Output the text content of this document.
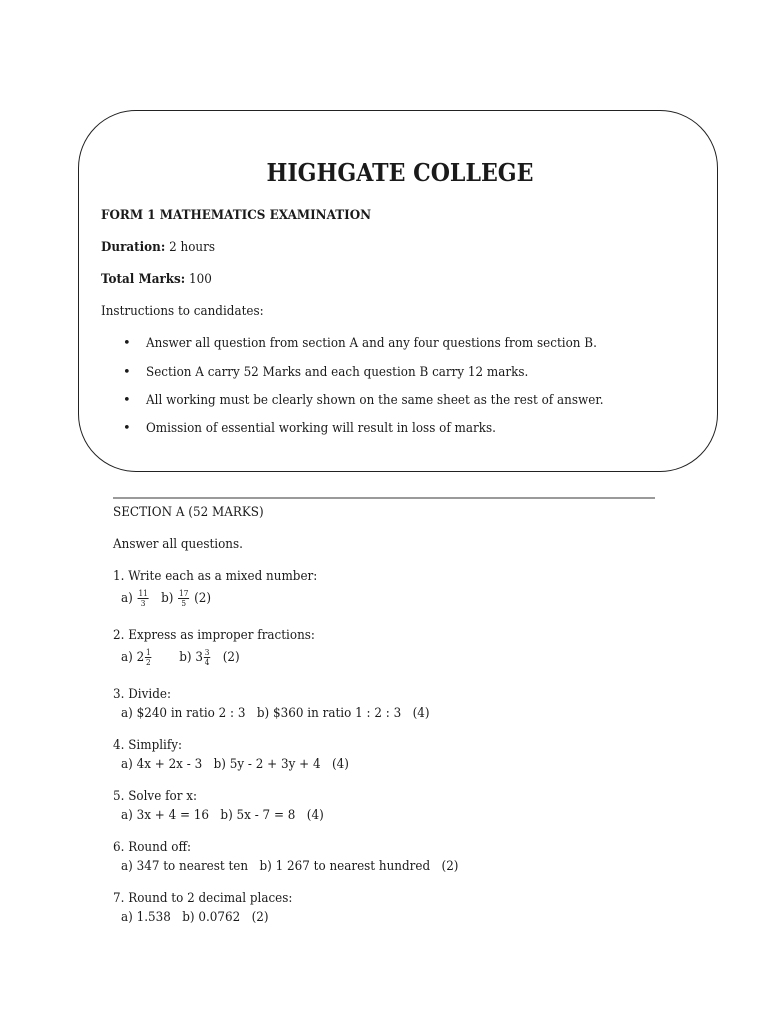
HIGHGATE COLLEGE
FORM 1 MATHEMATICS EXAMINATION
Duration: 2 hours
Total Marks: 100
Instructions to candidates:
• Answer all question from section A and any four questions from section B.
• Section A carry 52 Marks and each question B carry 12 marks.
• All working must be clearly shown on the same sheet as the rest of answer.
• Omission of essential working will result in loss of marks.
SECTION A (52 MARKS)
Answer all questions.
1. Write each as a mixed number:
$a) \frac{11}{3} b) \frac{17}{5} (2)$
2. Express as improper fractions:
a) $2 \frac{1}{2} b$) $3 \frac{3}{4} (2)$
3. Divide:
a) $240 in ratio 2 : 3   b) $360 in ratio 1 : 2 : 3   (4)
4. Simplify:
a) 4x + 2x - 3   b) 5y - 2 + 3y + 4   (4)
5. Solve for x:
a) 3x + 4 = 16   b) 5x - 7 = 8   (4)
6. Round off:
a) 347 to nearest ten   b) 1 267 to nearest hundred   (2)
7. Round to 2 decimal places:
a) 1.538   b) 0.0762   (2)
